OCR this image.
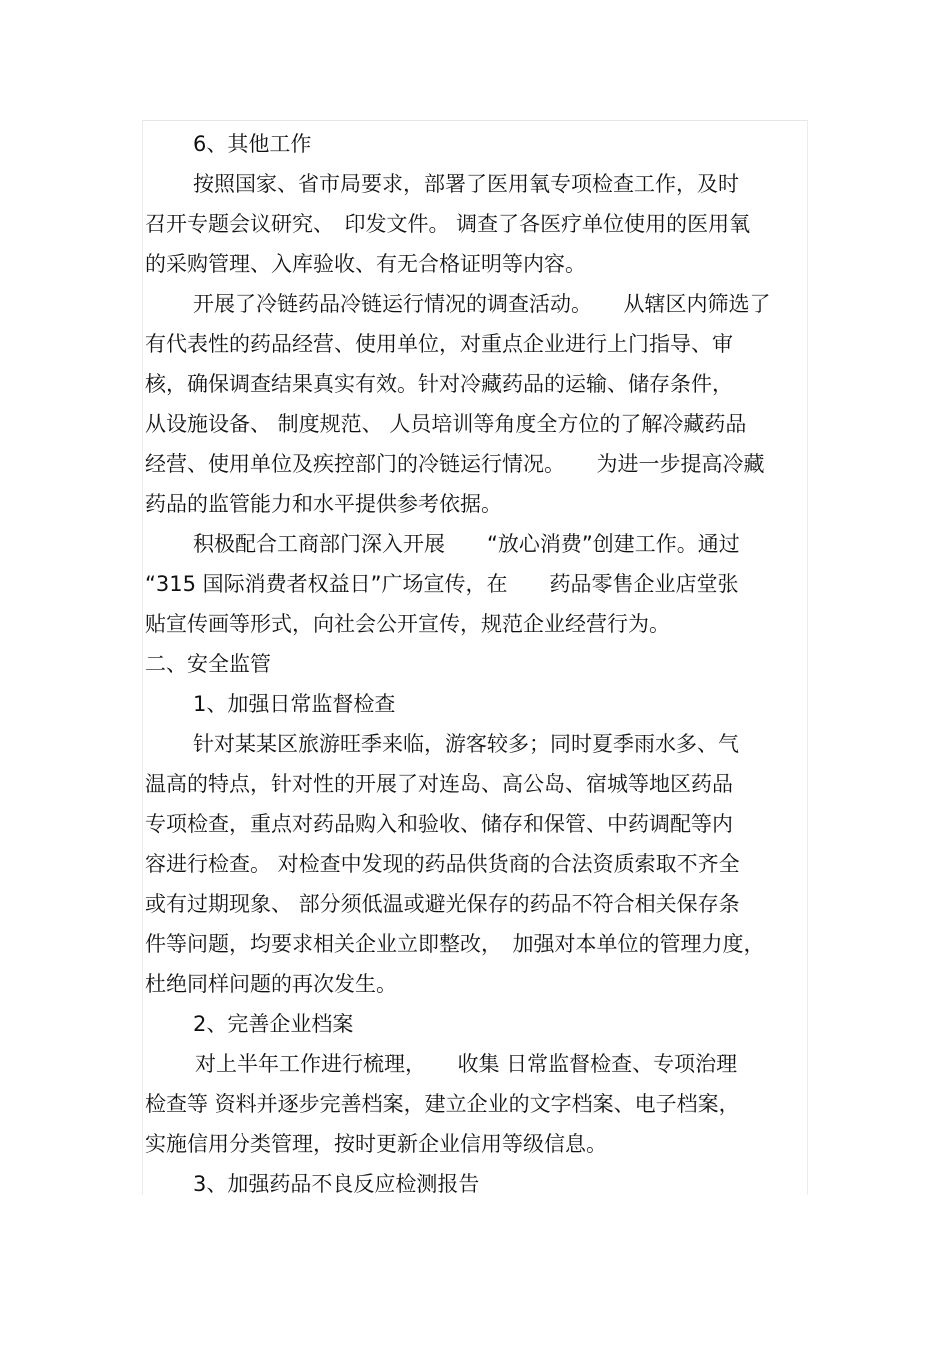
6、其他工作
按照国家、省市局要求，部署了医用氧专项检查工作，及时
召开专题会议研究、　印发文件。 调查了各医疗单位使用的医用氧
的采购管理、入库验收、有无合格证明等内容。
开展了冷链药品冷链运行情况的调查活动。　　从辖区内筛选了
有代表性的药品经营、使用单位，对重点企业进行上门指导、审
核，确保调查结果真实有效。针对冷藏药品的运输、储存条件，
从设施设备、 制度规范、 人员培训等角度全方位的了解冷藏药品
经营、使用单位及疾控部门的冷链运行情况。　　为进一步提高冷藏
药品的监管能力和水平提供参考依据。
积极配合工商部门深入开展　　“放心消费”创建工作。通过
“315 国际消费者权益日”广场宣传，在　　药品零售企业店堂张
贴宣传画等形式，向社会公开宣传，规范企业经营行为。
二、安全监管
1、加强日常监督检查
针对某某区旅游旺季来临，游客较多；同时夏季雨水多、气
温高的特点，针对性的开展了对连岛、高公岛、宿城等地区药品
专项检查，重点对药品购入和验收、储存和保管、中药调配等内
容进行检查。 对检查中发现的药品供货商的合法资质索取不齐全
或有过期现象、 部分须低温或避光保存的药品不符合相关保存条
件等问题，均要求相关企业立即整改，　加强对本单位的管理力度，
杜绝同样问题的再次发生。
2、完善企业档案
对上半年工作进行梳理，　　收集 日常监督检查、专项治理
检查等 资料并逐步完善档案，建立企业的文字档案、电子档案，
实施信用分类管理，按时更新企业信用等级信息。
3、加强药品不良反应检测报告
